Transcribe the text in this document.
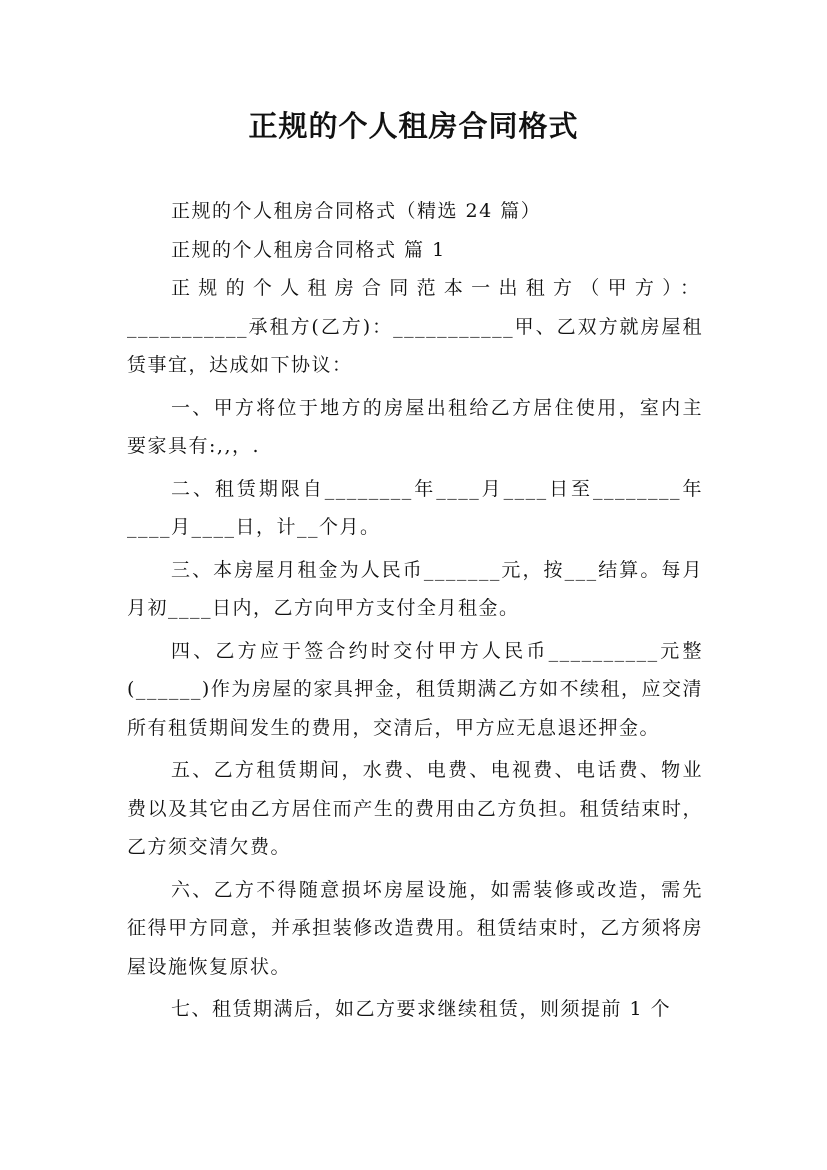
正规的个人租房合同格式

正规的个人租房合同格式（精选 24 篇）

正规的个人租房合同格式 篇 1

正规的个人租房合同范本一出租方（甲方）：

___________承租方(乙方)：___________甲、乙双方就房屋租赁事宜，达成如下协议：

一、甲方将位于地方的房屋出租给乙方居住使用，室内主要家具有:,,，.

二、租赁期限自________年____月____日至________年____月____日，计__个月。

三、本房屋月租金为人民币_______元，按___结算。每月月初____日内，乙方向甲方支付全月租金。

四、乙方应于签合约时交付甲方人民币__________元整(______)作为房屋的家具押金，租赁期满乙方如不续租，应交清所有租赁期间发生的费用，交清后，甲方应无息退还押金。

五、乙方租赁期间，水费、电费、电视费、电话费、物业费以及其它由乙方居住而产生的费用由乙方负担。租赁结束时，乙方须交清欠费。

六、乙方不得随意损坏房屋设施，如需装修或改造，需先征得甲方同意，并承担装修改造费用。租赁结束时，乙方须将房屋设施恢复原状。

七、租赁期满后，如乙方要求继续租赁，则须提前 1 个
